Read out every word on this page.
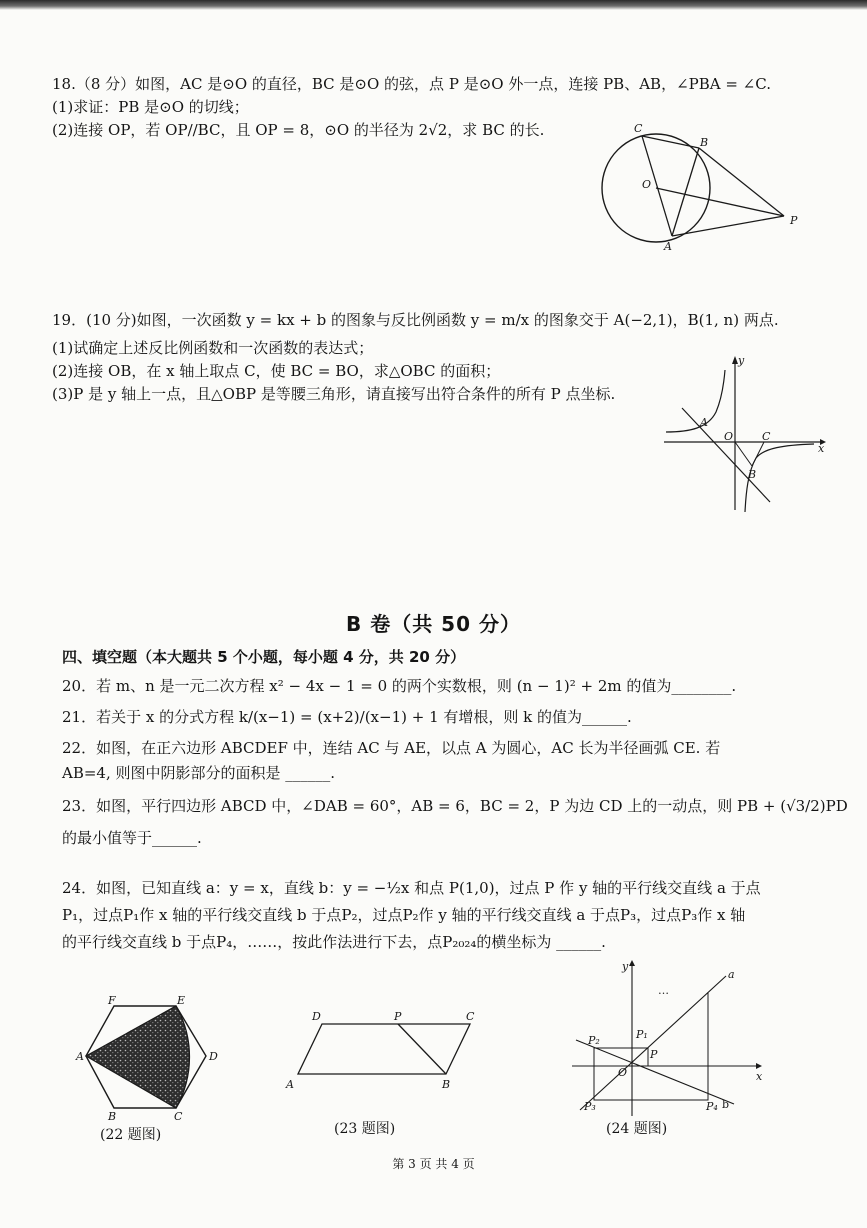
18.（8 分）如图，AC 是⊙O 的直径，BC 是⊙O 的弦，点 P 是⊙O 外一点，连接 PB、AB，∠PBA = ∠C.
(1)求证：PB 是⊙O 的切线；
(2)连接 OP，若 OP//BC，且 OP = 8，⊙O 的半径为 2√2，求 BC 的长.	C
B
O
A
P
19．(10 分)如图，一次函数 y = kx + b 的图象与反比例函数 y = m/x 的图象交于 A(−2,1)，B(1, n) 两点.
(1)试确定上述反比例函数和一次函数的表达式；
(2)连接 OB，在 x 轴上取点 C，使 BC = BO，求△OBC 的面积；
(3)P 是 y 轴上一点，且△OBP 是等腰三角形，请直接写出符合条件的所有 P 点坐标.
y
x
A
O	C
B
B 卷（共 50 分）
四、填空题（本大题共 5 个小题，每小题 4 分，共 20 分）
20．若 m、n 是一元二次方程 x² − 4x − 1 = 0 的两个实数根，则 (n − 1)² + 2m 的值为________.
21．若关于 x 的分式方程 k/(x−1) = (x+2)/(x−1) + 1 有增根，则 k 的值为______.
22．如图，在正六边形 ABCDEF 中，连结 AC 与 AE，以点 A 为圆心，AC 长为半径画弧 CE. 若
AB=4, 则图中阴影部分的面积是 ______.
23．如图，平行四边形 ABCD 中，∠DAB = 60°，AB = 6，BC = 2，P 为边 CD 上的一动点，则 PB + (√3/2)PD
的最小值等于______.
24．如图，已知直线 a：y = x，直线 b：y = −½x 和点 P(1,0)，过点 P 作 y 轴的平行线交直线 a 于点
P₁，过点P₁作 x 轴的平行线交直线 b 于点P₂，过点P₂作 y 轴的平行线交直线 a 于点P₃，过点P₃作 x 轴
的平行线交直线 b 于点P₄，……，按此作法进行下去，点P₂₀₂₄的横坐标为 ______.
F	E
A	D
B	C
(22 题图)
D	P	C
A	B
(23 题图)
y
x
a
b
…
P
O
P₁
P₂
P₃	P₄
(24 题图)
第 3 页 共 4 页
